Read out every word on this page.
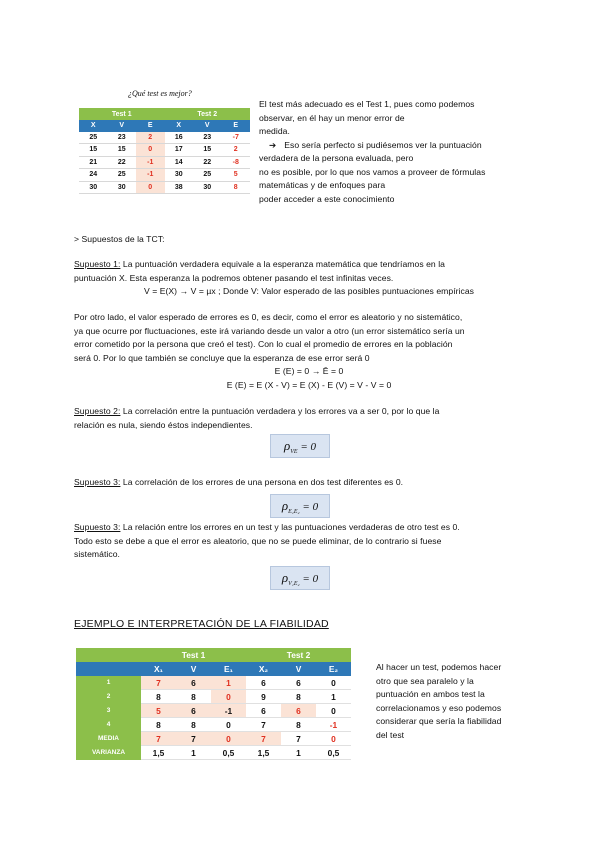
¿Qué test es mejor?
Test 1			Test 2		
X	V	E	X	V	E
25	23	2	16	23	-7
15	15	0	17	15	2
21	22	-1	14	22	-8
24	25	-1	30	25	5
30	30	0	38	30	8

El test más adecuado es el Test 1, pues como podemos

observar, en él hay un menor error de

medida.

➔ Eso sería perfecto si pudiésemos ver la puntuación

verdadera de la persona evaluada, pero

no es posible, por lo que nos vamos a proveer de fórmulas

matemáticas y de enfoques para

poder acceder a este conocimiento

> Supuestos de la TCT:

Supuesto 1: La puntuación verdadera equivale a la esperanza matemática que tendríamos en la

puntuación X. Esta esperanza la podremos obtener pasando el test infinitas veces.

V = E(X) → V = µx ; Donde V: Valor esperado de las posibles puntuaciones empíricas

Por otro lado, el valor esperado de errores es 0, es decir, como el error es aleatorio y no sistemático,

ya que ocurre por fluctuaciones, este irá variando desde un valor a otro (un error sistemático sería un

error cometido por la persona que creó el test). Con lo cual el promedio de errores en la población

será 0. Por lo que también se concluye que la esperanza de ese error será 0

E (E) = 0 → Ē = 0

E (E) = E (X - V) = E (X) - E (V) = V - V = 0

Supuesto 2: La correlación entre la puntuación verdadera y los errores va a ser 0, por lo que la

relación es nula, siendo éstos independientes.

$\rho_{VE} = 0$

Supuesto 3: La correlación de los errores de una persona en dos test diferentes es 0.

$\rho_{E_1E_2} = 0$

Supuesto 3: La relación entre los errores en un test y las puntuaciones verdaderas de otro test es 0.

Todo esto se debe a que el error es aleatorio, que no se puede eliminar, de lo contrario si fuese

sistemático.

$\rho_{V_1E_2} = 0$
EJEMPLO E INTERPRETACIÓN DE LA FIABILIDAD
	Test 1			Test 2		
	X₁	V	E₁	X₂	V	E₂
1	7	6	1	6	6	0
2	8	8	0	9	8	1
3	5	6	-1	6	6	0
4	8	8	0	7	8	-1
MEDIA	7	7	0	7	7	0
VARIANZA	1,5	1	0,5	1,5	1	0,5

Al hacer un test, podemos hacer

otro que sea paralelo y la

puntuación en ambos test la

correlacionamos y eso podemos

considerar que sería la fiabilidad

del test
